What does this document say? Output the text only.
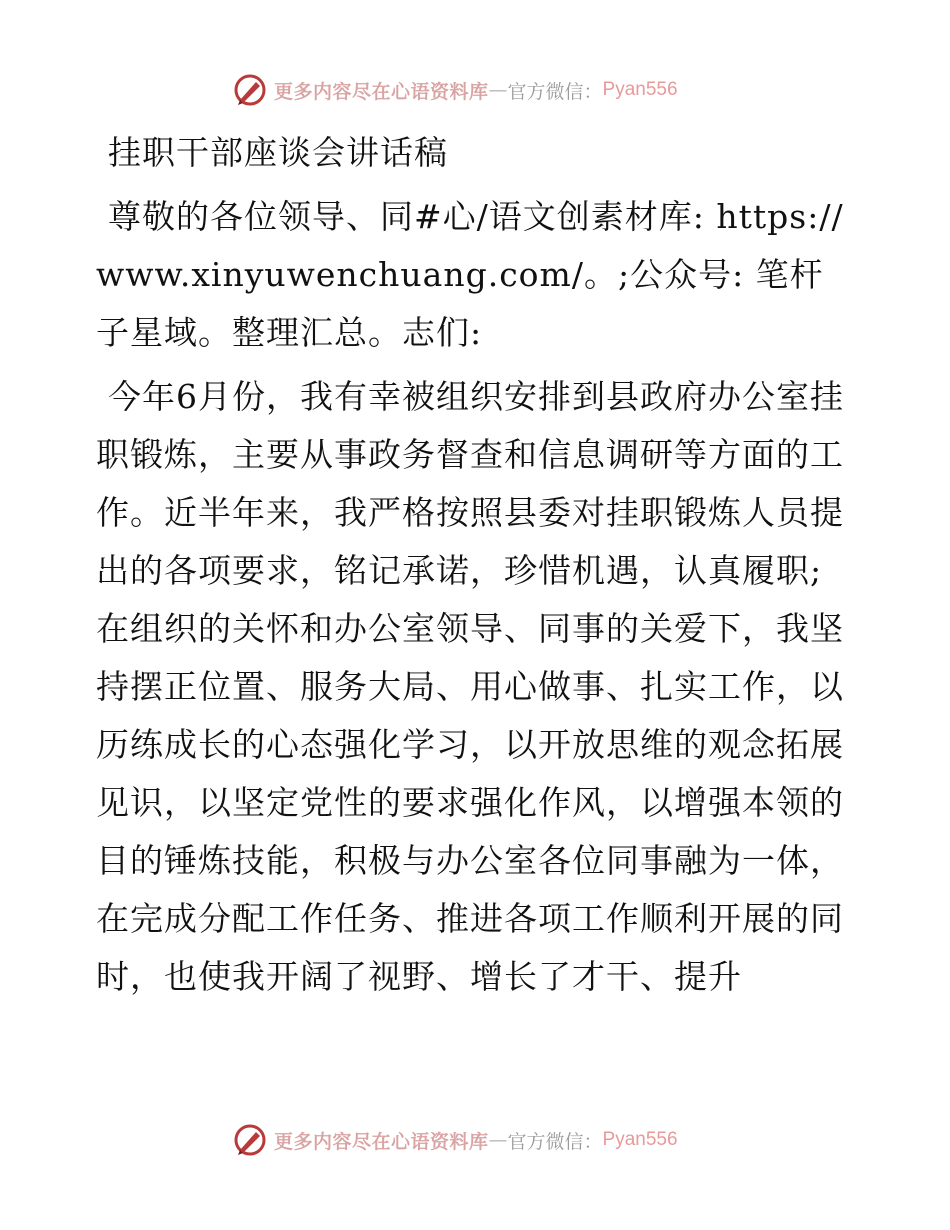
更多内容尽在心语资料库 — 官方微信： Pyan556

挂职干部座谈会讲话稿

尊敬的各位领导、同#心/语文创素材库: https://www.xinyuwenchuang.com/。;公众号: 笔杆子星域。整理汇总。志们:

今年6月份，我有幸被组织安排到县政府办公室挂职锻炼，主要从事政务督查和信息调研等方面的工作。近半年来，我严格按照县委对挂职锻炼人员提出的各项要求，铭记承诺，珍惜机遇，认真履职;在组织的关怀和办公室领导、同事的关爱下，我坚持摆正位置、服务大局、用心做事、扎实工作，以历练成长的心态强化学习，以开放思维的观念拓展见识，以坚定党性的要求强化作风，以增强本领的目的锤炼技能，积极与办公室各位同事融为一体，在完成分配工作任务、推进各项工作顺利开展的同时，也使我开阔了视野、增长了才干、提升

更多内容尽在心语资料库 — 官方微信： Pyan556
